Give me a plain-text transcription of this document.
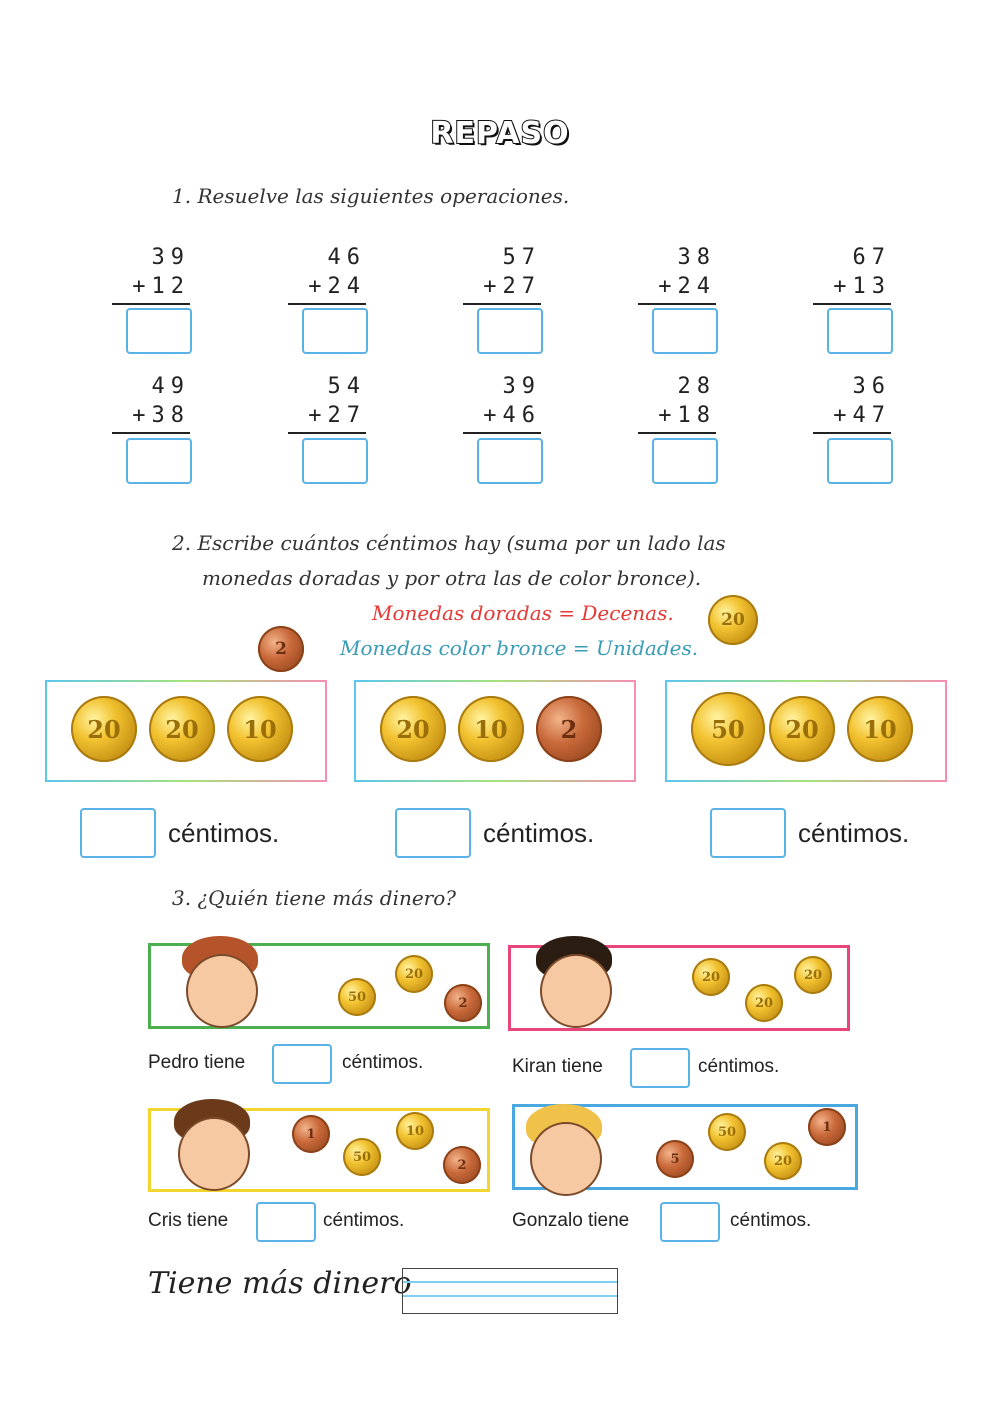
REPASO
1. Resuelve las siguientes operaciones.
39
+12
46
+24
57
+27
38
+24
67
+13
49
+38
54
+27
39
+46
28
+18
36
+47
2. Escribe cuántos céntimos hay (suma por un lado las
monedas doradas y por otra las de color bronce).
Monedas doradas = Decenas.	20
Monedas color bronce = Unidades.
2
20	20	10
céntimos.
20	10	2
céntimos.
50	20	10
céntimos.
3. ¿Quién tiene más dinero?
50
20
2
Pedro tiene	céntimos.
20
20
20
Kiran tiene	céntimos.
1
50
10
2
Cris tiene	céntimos.
5
50
20
1
Gonzalo tiene	céntimos.
Tiene más dinero
